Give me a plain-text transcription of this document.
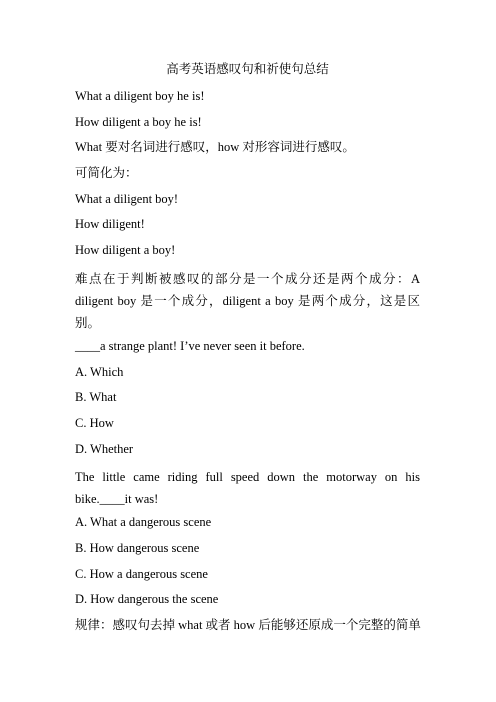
高考英语感叹句和祈使句总结
What a diligent boy he is!
How diligent a boy he is!
What 要对名词进行感叹，how 对形容词进行感叹。
可简化为：
What a diligent boy!
How diligent!
How diligent a boy!
难点在于判断被感叹的部分是一个成分还是两个成分：A diligent boy 是一个成分，diligent a boy 是两个成分，这是区别。
____a strange plant! I’ve never seen it before.
A. Which
B. What
C. How
D. Whether
The little came riding full speed down the motorway on his bike.____it was!
A. What a dangerous scene
B. How dangerous scene
C. How a dangerous scene
D. How dangerous the scene
规律：感叹句去掉 what 或者 how 后能够还原成一个完整的简单
